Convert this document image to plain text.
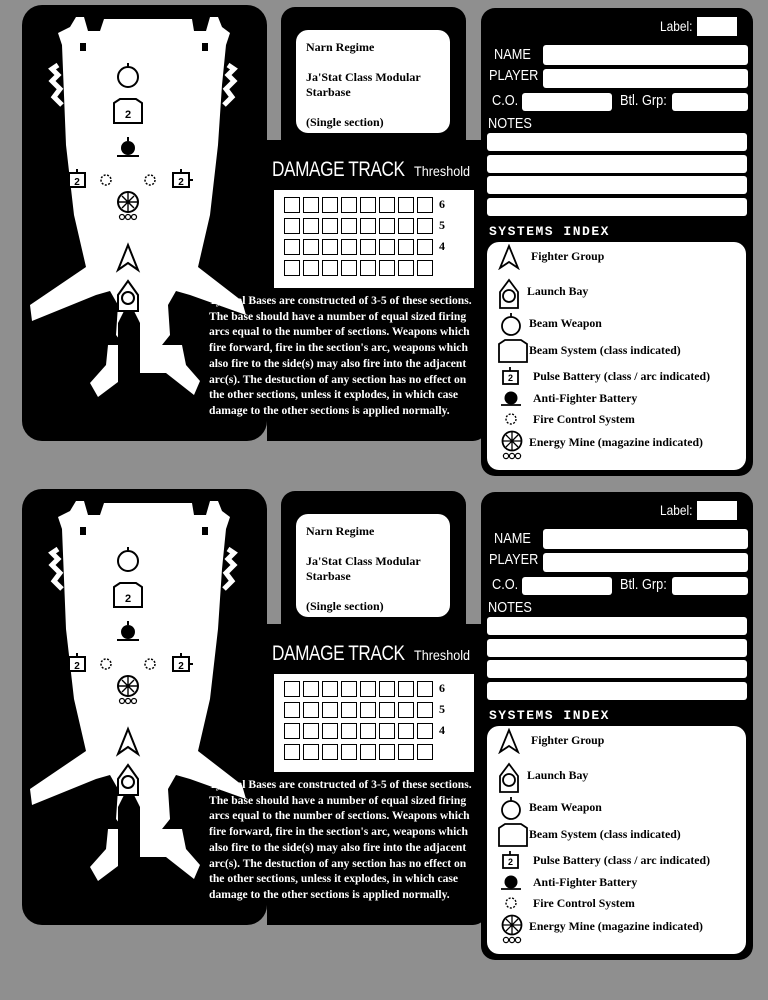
2
2	2
Narn Regime
Ja'Stat Class Modular Starbase
(Single section)
DAMAGE TRACK Threshold
6
5
4
Typical Bases are constructed of 3-5 of these sections. The base should have a number of equal sized firing arcs equal to the number of sections. Weapons which fire forward, fire in the section's arc, weapons which also fire to the side(s) may also fire into the adjacent arc(s). The destuction of any section has no effect on the other sections, unless it explodes, in which case damage to the other sections is applied normally.
Label:
NAME
PLAYER
C.O.	Btl. Grp:
NOTES
SYSTEMS INDEX
Fighter Group
Launch Bay
Beam Weapon
Beam System (class indicated)
2 Pulse Battery (class / arc indicated)
Anti-Fighter Battery
Fire Control System
Energy Mine (magazine indicated)
2
2	2
Narn Regime
Ja'Stat Class Modular Starbase
(Single section)
DAMAGE TRACK Threshold
6
5
4
Typical Bases are constructed of 3-5 of these sections. The base should have a number of equal sized firing arcs equal to the number of sections. Weapons which fire forward, fire in the section's arc, weapons which also fire to the side(s) may also fire into the adjacent arc(s). The destuction of any section has no effect on the other sections, unless it explodes, in which case damage to the other sections is applied normally.
Label:
NAME
PLAYER
C.O.	Btl. Grp:
NOTES
SYSTEMS INDEX
Fighter Group
Launch Bay
Beam Weapon
Beam System (class indicated)
2 Pulse Battery (class / arc indicated)
Anti-Fighter Battery
Fire Control System
Energy Mine (magazine indicated)
